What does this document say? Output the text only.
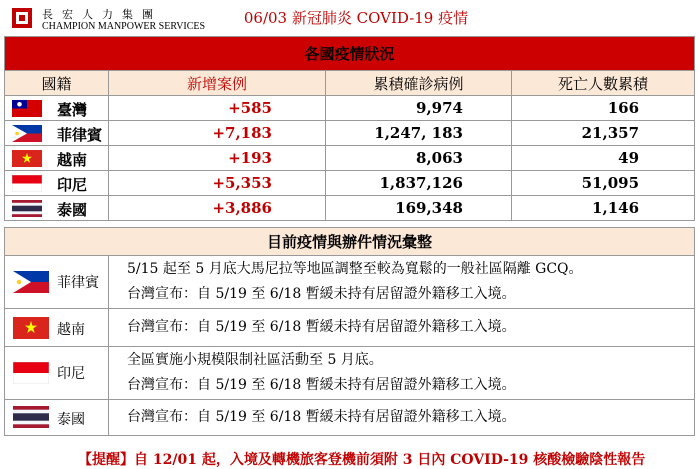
長宏人力集團
CHAMPION MANPOWER SERVICES	06/03 新冠肺炎 COVID-19 疫情
各國疫情狀況			
國籍	新增案例	累積確診病例	死亡人數累積

臺灣	+585	9,974	166

菲律賓	+7,183	1,247, 183	21,357

越南	+193	8,063	49

印尼	+5,353	1,837,126	51,095

泰國	+3,886	169,348	1,146
目前疫情與辦件情況彙整	

菲律賓	5/15 起至 5 月底大馬尼拉等地區調整至較為寬鬆的一般社區隔離 GCQ。
台灣宣布：自 5/19 至 6/18 暫緩未持有居留證外籍移工入境。

越南	台灣宣布：自 5/19 至 6/18 暫緩未持有居留證外籍移工入境。

印尼	全區實施小規模限制社區活動至 5 月底。
台灣宣布：自 5/19 至 6/18 暫緩未持有居留證外籍移工入境。

泰國	台灣宣布：自 5/19 至 6/18 暫緩未持有居留證外籍移工入境。
【提醒】自 12/01 起，入境及轉機旅客登機前須附 3 日內 COVID-19 核酸檢驗陰性報告
